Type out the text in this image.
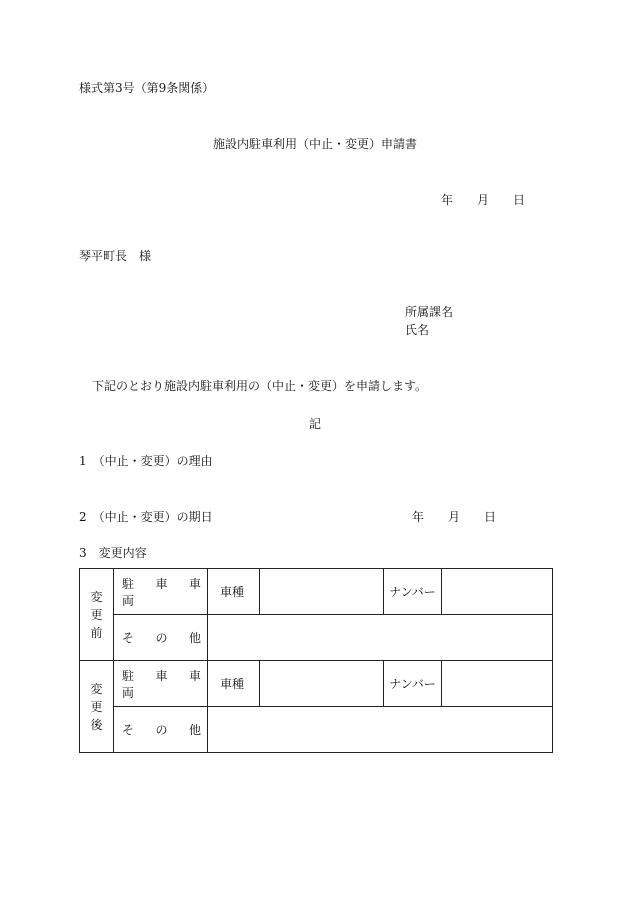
様式第3号（第9条関係）
施設内駐車利用（中止・変更）申請書
年 月 日
琴平町長　様
所属課名
氏名
下記のとおり施設内駐車利用の（中止・変更）を申請します。
記
1　（中止・変更）の理由
2　（中止・変更）の期日	年 月 日
3　変更内容
変
更
前	駐　車　車　両	車種		ナンバー	
	そ　の　他				

変
更
後	駐　車　車　両	車種		ナンバー	
	そ　の　他				
